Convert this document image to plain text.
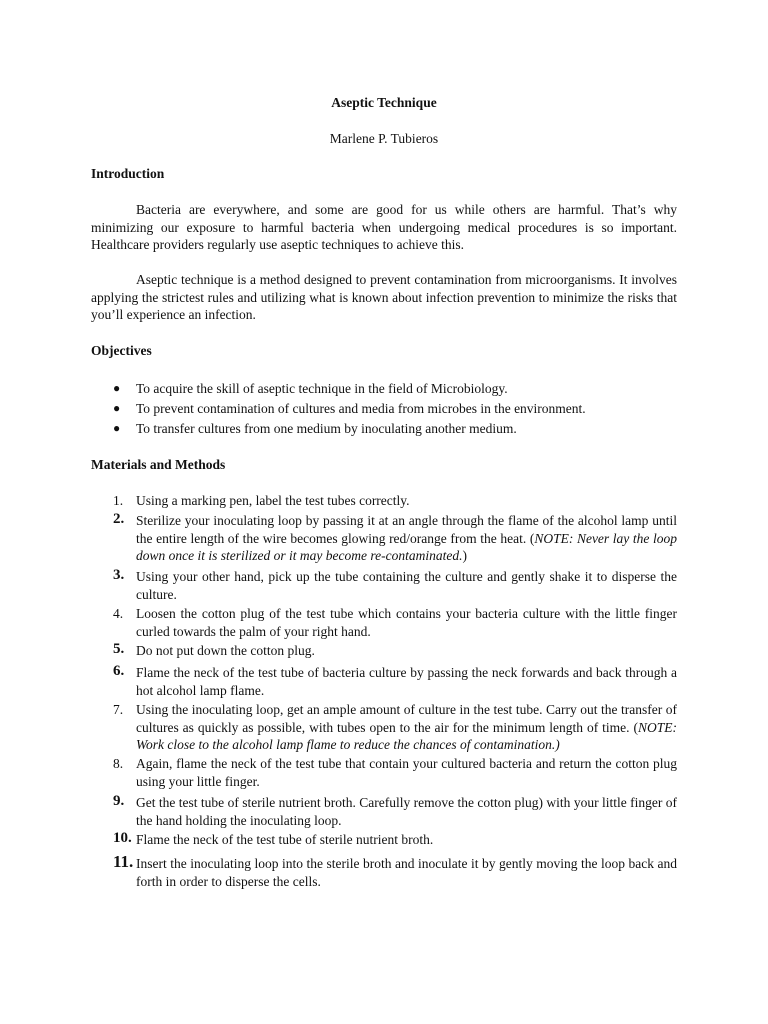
Aseptic Technique
Marlene P. Tubieros
Introduction

Bacteria are everywhere, and some are good for us while others are harmful. That’s why minimizing our exposure to harmful bacteria when undergoing medical procedures is so important. Healthcare providers regularly use aseptic techniques to achieve this.

Aseptic technique is a method designed to prevent contamination from microorganisms. It involves applying the strictest rules and utilizing what is known about infection prevention to minimize the risks that you’ll experience an infection.

Objectives
● To acquire the skill of aseptic technique in the field of Microbiology.
● To prevent contamination of cultures and media from microbes in the environment.
● To transfer cultures from one medium by inoculating another medium.
Materials and Methods
1. Using a marking pen, label the test tubes correctly.
2. Sterilize your inoculating loop by passing it at an angle through the flame of the alcohol lamp until the entire length of the wire becomes glowing red/orange from the heat. (NOTE: Never lay the loop down once it is sterilized or it may become re-contaminated.)
3. Using your other hand, pick up the tube containing the culture and gently shake it to disperse the culture.
4. Loosen the cotton plug of the test tube which contains your bacteria culture with the little finger curled towards the palm of your right hand.
5. Do not put down the cotton plug.
6. Flame the neck of the test tube of bacteria culture by passing the neck forwards and back through a hot alcohol lamp flame.
7. Using the inoculating loop, get an ample amount of culture in the test tube. Carry out the transfer of cultures as quickly as possible, with tubes open to the air for the minimum length of time. (NOTE: Work close to the alcohol lamp flame to reduce the chances of contamination.)
8. Again, flame the neck of the test tube that contain your cultured bacteria and return the cotton plug using your little finger.
9. Get the test tube of sterile nutrient broth. Carefully remove the cotton plug) with your little finger of the hand holding the inoculating loop.
10. Flame the neck of the test tube of sterile nutrient broth.
11. Insert the inoculating loop into the sterile broth and inoculate it by gently moving the loop back and forth in order to disperse the cells.
